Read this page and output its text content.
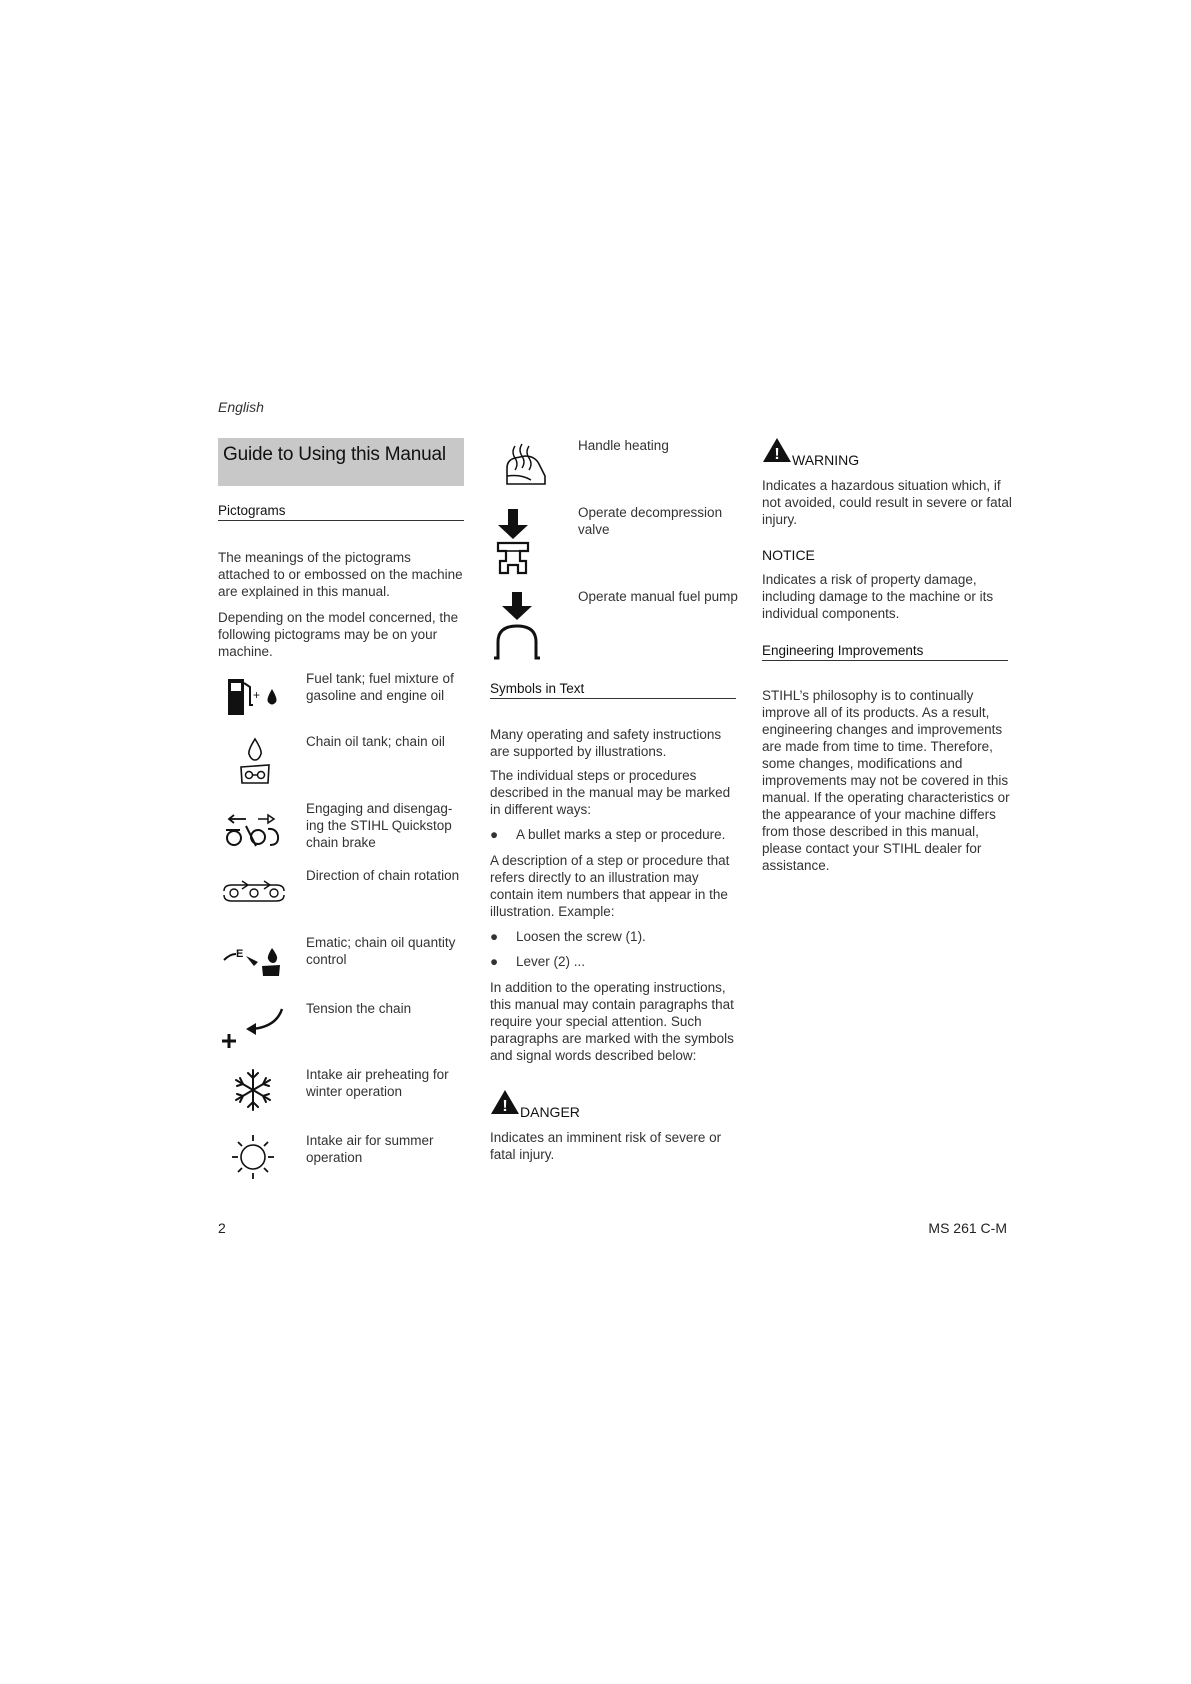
English
Guide to Using this Manual
Pictograms
The meanings of the pictograms attached to or embossed on the machine are explained in this manual.
Depending on the model concerned, the following pictograms may be on your machine.
+
Fuel tank; fuel mixture of gasoline and engine oil
Chain oil tank; chain oil
Engaging and disengag-ing the STIHL Quickstop chain brake
Direction of chain rotation
E
Ematic; chain oil quantity control
Tension the chain
Intake air preheating for winter operation
Intake air for summer operation
Handle heating
Operate decompression valve
Operate manual fuel pump
Symbols in Text
Many operating and safety instructions are supported by illustrations.
The individual steps or procedures described in the manual may be marked in different ways:
● A bullet marks a step or procedure.
A description of a step or procedure that refers directly to an illustration may contain item numbers that appear in the illustration. Example:
● Loosen the screw (1).
● Lever (2) ...
In addition to the operating instructions, this manual may contain paragraphs that require your special attention. Such paragraphs are marked with the symbols and signal words described below:
! DANGER
Indicates an imminent risk of severe or fatal injury.
! WARNING
Indicates a hazardous situation which, if not avoided, could result in severe or fatal injury.
NOTICE
Indicates a risk of property damage, including damage to the machine or its individual components.
Engineering Improvements
STIHL’s philosophy is to continually improve all of its products. As a result, engineering changes and improvements are made from time to time. Therefore, some changes, modifications and improvements may not be covered in this manual. If the operating characteristics or the appearance of your machine differs from those described in this manual, please contact your STIHL dealer for assistance.
2	MS 261 C-M
